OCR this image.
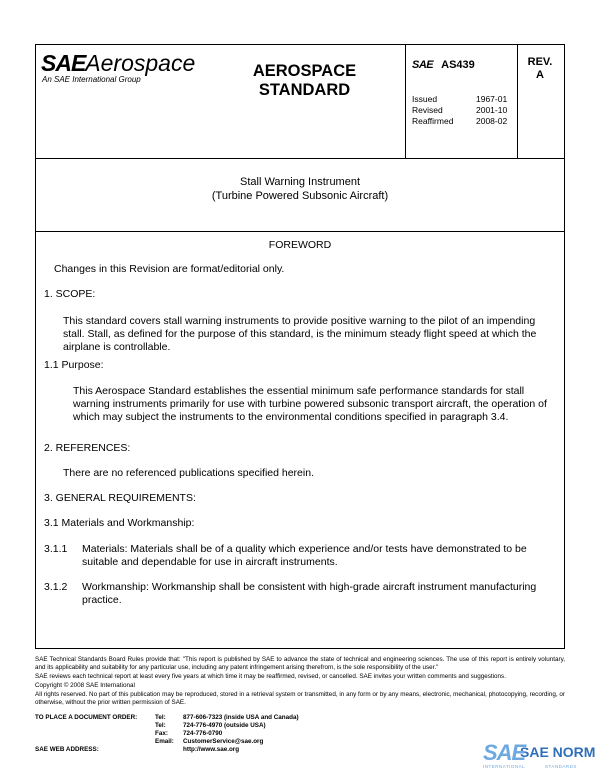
SAEAerospace
An SAE International Group	AEROSPACE
STANDARD
SAE AS439
Issued	1967-01
Revised	2001-10
Reaffirmed	2008-02
REV.
A
Stall Warning Instrument
(Turbine Powered Subsonic Aircraft)
FOREWORD
Changes in this Revision are format/editorial only.
1. SCOPE:
This standard covers stall warning instruments to provide positive warning to the pilot of an impending stall. Stall, as defined for the purpose of this standard, is the minimum steady flight speed at which the airplane is controllable.
1.1 Purpose:
This Aerospace Standard establishes the essential minimum safe performance standards for stall warning instruments primarily for use with turbine powered subsonic transport aircraft, the operation of which may subject the instruments to the environmental conditions specified in paragraph 3.4.
2. REFERENCES:
There are no referenced publications specified herein.
3. GENERAL REQUIREMENTS:
3.1 Materials and Workmanship:
3.1.1 Materials: Materials shall be of a quality which experience and/or tests have demonstrated to be suitable and dependable for use in aircraft instruments.
3.1.2 Workmanship: Workmanship shall be consistent with high-grade aircraft instrument manufacturing practice.
SAE Technical Standards Board Rules provide that: "This report is published by SAE to advance the state of technical and engineering sciences. The use of this report is entirely voluntary, and its applicability and suitability for any particular use, including any patent infringement arising therefrom, is the sole responsibility of the user."
SAE reviews each technical report at least every five years at which time it may be reaffirmed, revised, or cancelled. SAE invites your written comments and suggestions.
Copyright © 2008 SAE International
All rights reserved. No part of this publication may be reproduced, stored in a retrieval system or transmitted, in any form or by any means, electronic, mechanical, photocopying, recording, or otherwise, without the prior written permission of SAE.
TO PLACE A DOCUMENT ORDER:	Tel:	877-606-7323 (inside USA and Canada)
Tel:	724-776-4970 (outside USA)
Fax:	724-776-0790
Email:	CustomerService@sae.org
SAE WEB ADDRESS:	http://www.sae.org	SAE NORM
SAE
INTERNATIONAL	STANDARDS
